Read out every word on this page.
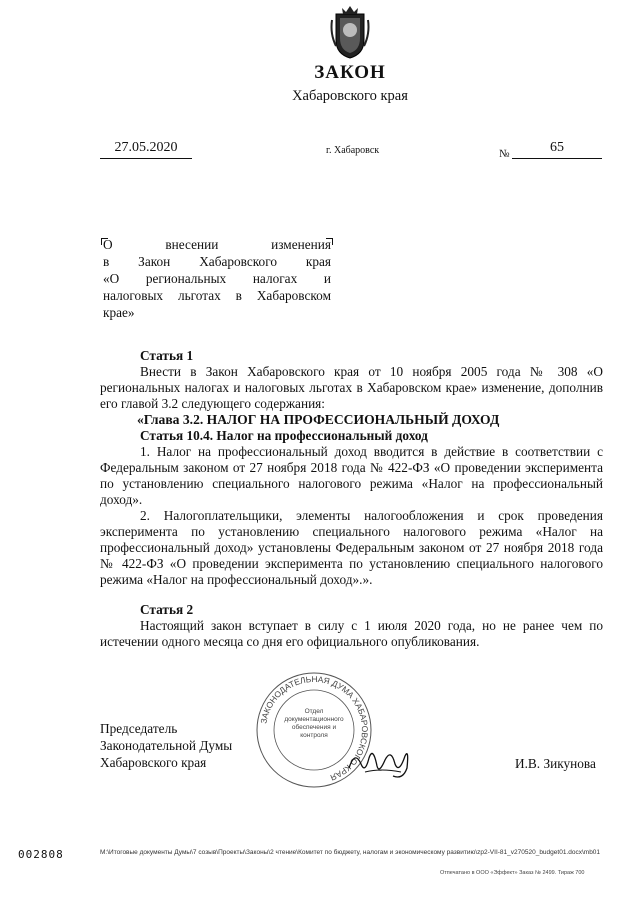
ЗАКОН
Хабаровского края
27.05.2020	г. Хабаровск	№	65
О внесении изменения
в Закон Хабаровского края
«О региональных налогах и
налоговых льготах в Хабаровском
крае»

Статья 1

Внести в Закон Хабаровского края от 10 ноября 2005 года № 308 «О региональных налогах и налоговых льготах в Хабаровском крае» изменение, дополнив его главой 3.2 следующего содержания:

«Глава 3.2. НАЛОГ НА ПРОФЕССИОНАЛЬНЫЙ ДОХОД

Статья 10.4. Налог на профессиональный доход

1. Налог на профессиональный доход вводится в действие в соответствии с Федеральным законом от 27 ноября 2018 года № 422-ФЗ «О проведении эксперимента по установлению специального налогового режима «Налог на профессиональный доход».

2. Налогоплательщики, элементы налогообложения и срок проведения эксперимента по установлению специального налогового режима «Налог на профессиональный доход» установлены Федеральным законом от 27 ноября 2018 года № 422-ФЗ «О проведении эксперимента по установлению специального налогового режима «Налог на профессиональный доход».».

Статья 2

Настоящий закон вступает в силу с 1 июля 2020 года, но не ранее чем по истечении одного месяца со дня его официального опубликования.

ЗАКОНОДАТЕЛЬНАЯ ДУМА ХАБАРОВСКОГО КРАЯ
Отдел документационного обеспечения и контроля
Председатель
Законодательной Думы
Хабаровского края	И.В. Зикунова
002808	M:\Итоговые документы Думы\7 созыв\Проекты\Законы\2 чтение\Комитет по бюджету, налогам и экономическому развитию\zp2-VII-81_v270520_budget01.docx\mb01
Отпечатано в ООО «Эффект» Заказ № 2499. Тираж 700
